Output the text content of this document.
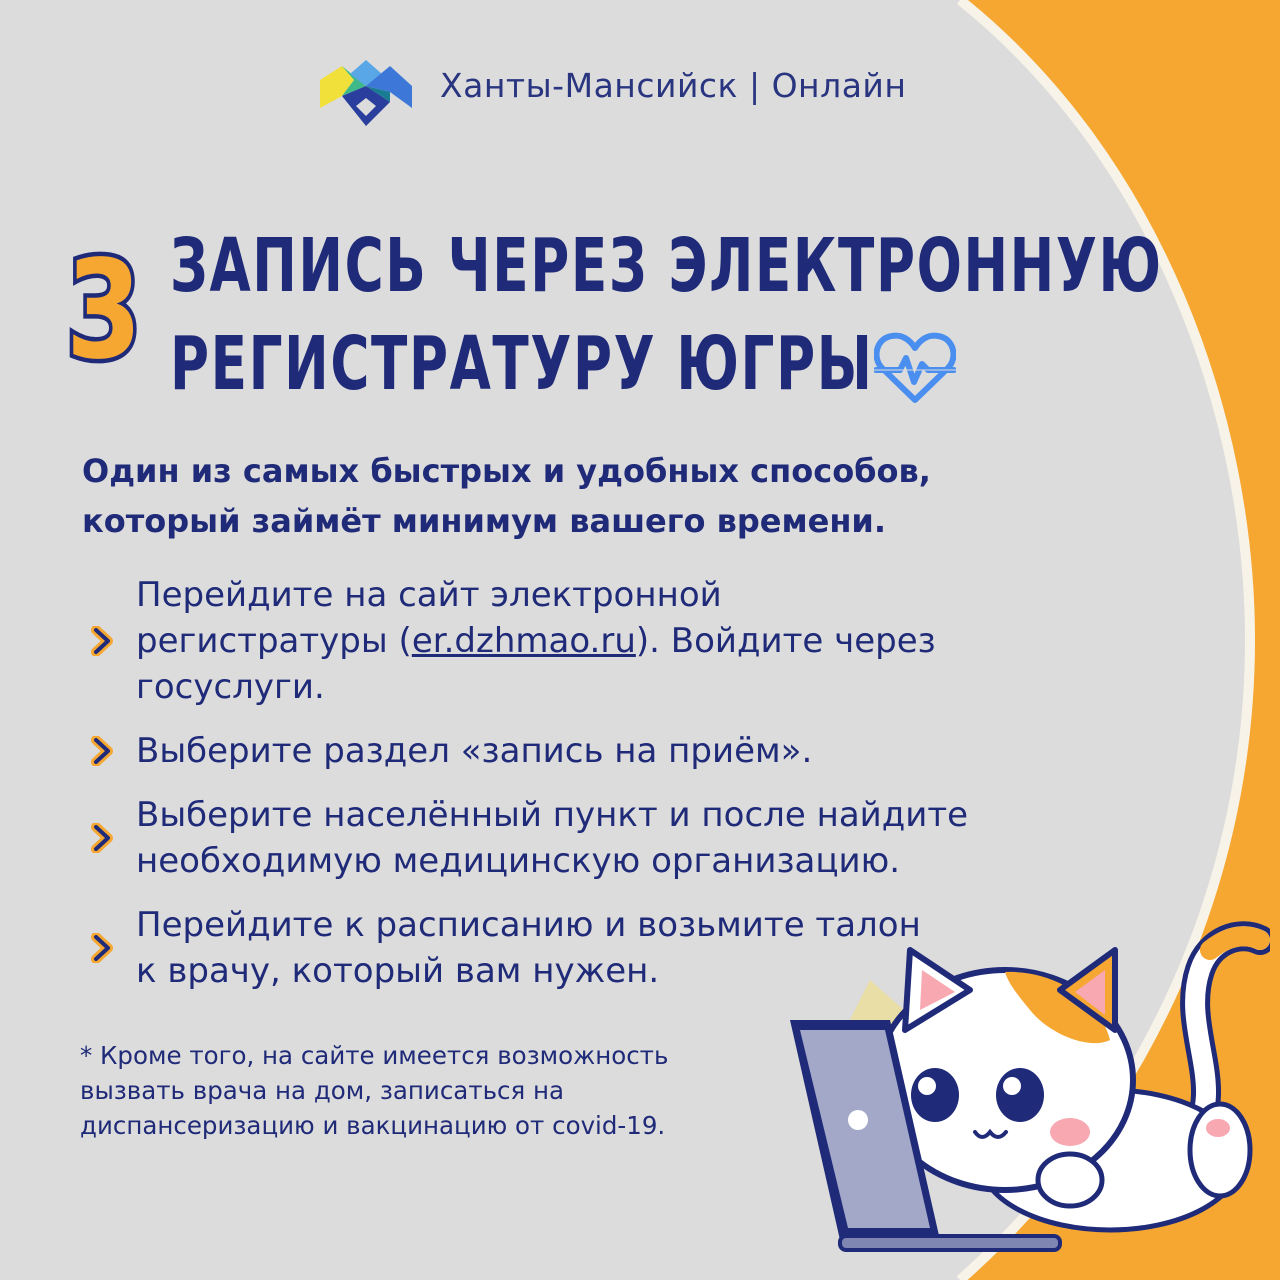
Ханты-Мансийск | Онлайн
3 ЗАПИСЬ ЧЕРЕЗ ЭЛЕКТРОННУЮ
РЕГИСТРАТУРУ ЮГРЫ
Один из самых быстрых и удобных способов,
который займёт минимум вашего времени.
Перейдите на сайт электронной
регистратуры (er.dzhmao.ru). Войдите через
госуслуги.
Выберите раздел «запись на приём».
Выберите населённый пункт и после найдите
необходимую медицинскую организацию.
Перейдите к расписанию и возьмите талон
к врачу, который вам нужен.
* Кроме того, на сайте имеется возможность
вызвать врача на дом, записаться на
диспансеризацию и вакцинацию от covid-19.
